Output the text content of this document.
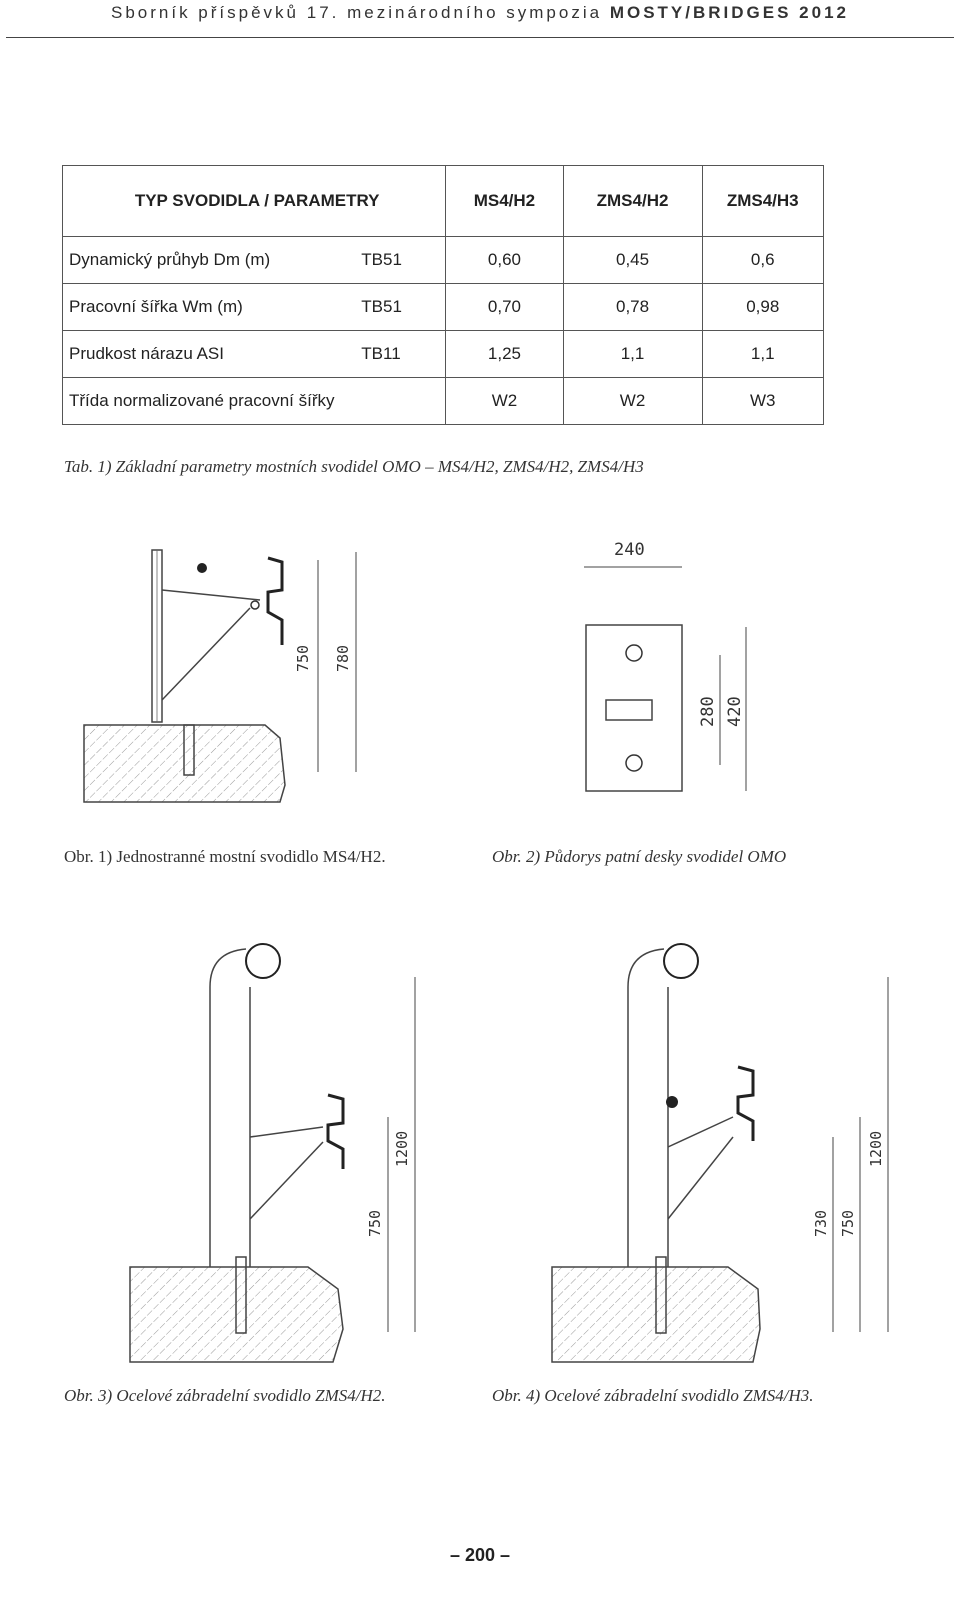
Sborník příspěvků 17. mezinárodního sympozia MOSTY/BRIDGES 2012
TYP SVODIDLA / PARAMETRY	MS4/H2	ZMS4/H2	ZMS4/H3

Dynamický průhyb Dm (m) TB51	0,60	0,45	0,6

Pracovní šířka Wm (m) TB51	0,70	0,78	0,98

Prudkost nárazu ASI TB11	1,25	1,1	1,1

Třída normalizované pracovní šířky	W2	W2	W3
Tab. 1) Základní parametry mostních svodidel OMO – MS4/H2, ZMS4/H2, ZMS4/H3
750 780
Obr. 1) Jednostranné mostní svodidlo MS4/H2.
240
280 420
Obr. 2) Půdorys patní desky svodidel OMO
750
1200
Obr. 3) Ocelové zábradelní svodidlo ZMS4/H2.
730 750
1200
Obr. 4) Ocelové zábradelní svodidlo ZMS4/H3.
– 200 –
